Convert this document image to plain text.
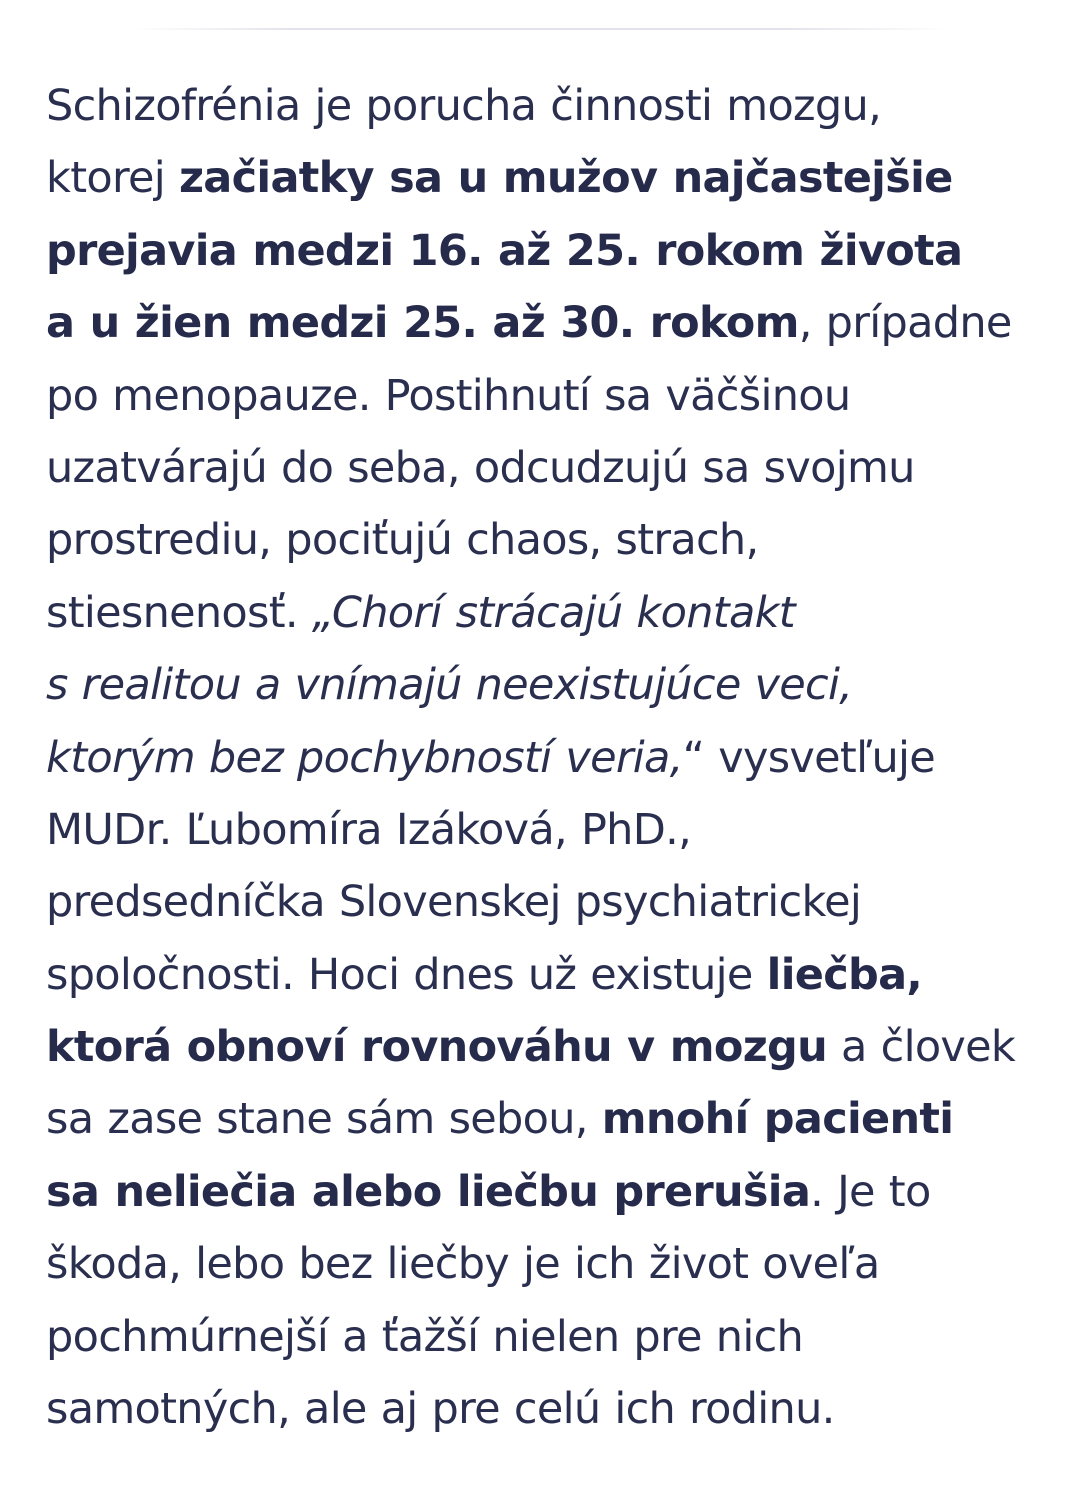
Schizofrénia je porucha činnosti mozgu,
ktorej začiatky sa u mužov najčastejšie
prejavia medzi 16. až 25. rokom života
a u žien medzi 25. až 30. rokom, prípadne
po menopauze. Postihnutí sa väčšinou
uzatvárajú do seba, odcudzujú sa svojmu
prostrediu, pociťujú chaos, strach,
stiesnenosť. „Chorí strácajú kontakt
s realitou a vnímajú neexistujúce veci,
ktorým bez pochybností veria,“ vysvetľuje
MUDr. Ľubomíra Izáková, PhD.,
predsedníčka Slovenskej psychiatrickej
spoločnosti. Hoci dnes už existuje liečba,
ktorá obnoví rovnováhu v mozgu a človek
sa zase stane sám sebou, mnohí pacienti
sa neliečia alebo liečbu prerušia. Je to
škoda, lebo bez liečby je ich život oveľa
pochmúrnejší a ťažší nielen pre nich
samotných, ale aj pre celú ich rodinu.
